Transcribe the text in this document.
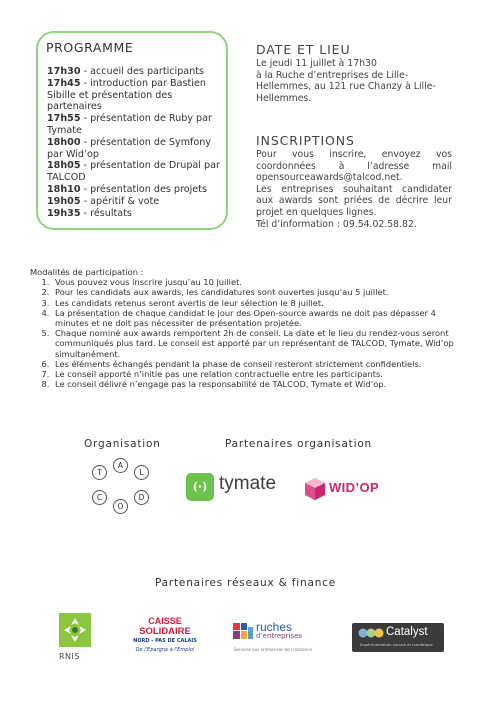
PROGRAMME
17h30 - accueil des participants
17h45 - introduction par Bastien Sibille et présentation des partenaires
17h55 - présentation de Ruby par Tymate
18h00 - présentation de Symfony par Wid’op
18h05 - présentation de Drupal par TALCOD
18h10 - présentation des projets
19h05 - apéritif & vote
19h35 - résultats
DATE ET LIEU
Le jeudi 11 juillet à 17h30
à la Ruche d’entreprises de Lille-
Hellemmes, au 121 rue Chanzy à Lille-
Hellemmes.
INSCRIPTIONS
Pour vous inscrire, envoyez vos
coordonnées à l’adresse mail
opensourceawards@talcod.net.
Les entreprises souhaitant candidater
aux awards sont priées de décrire leur
projet en quelques lignes.
Tél d’information : 09.54.02.58.82.
Modalités de participation :
1. Vous pouvez vous inscrire jusqu’au 10 juillet.
2. Pour les candidats aux awards, les candidatures sont ouvertes jusqu’au 5 juillet.
3. Les candidats retenus seront avertis de leur sélection le 8 juillet.
4. La présentation de chaque candidat le jour des Open-source awards ne doit pas dépasser 4 minutes et ne doit pas nécessiter de présentation projetée.
5. Chaque nominé aux awards remportent 2h de conseil. La date et le lieu du rendez-vous seront communiqués plus tard. Le conseil est apporté par un représentant de TALCOD, Tymate, Wid’op simultanément.
6. Les éléments échangés pendant la phase de conseil resteront strictement confidentiels.
7. Le conseil apporté n’initie pas une relation contractuelle entre les participants.
8. Le conseil délivré n’engage pas la responsabilité de TALCOD, Tymate et Wid’op.
Organisation	Partenaires organisation
T
A
L
C
O
D
(·) tymate	WID’OP
Partenaires réseaux & finance
RNIS
CAISSE
SOLIDAIRE
NORD - PAS DE CALAIS
De l’Epargne à l’Emploi
ruches
d’entreprises
Services aux entreprises de croissance
Catalyst
Expérimentation sociale et numérique
